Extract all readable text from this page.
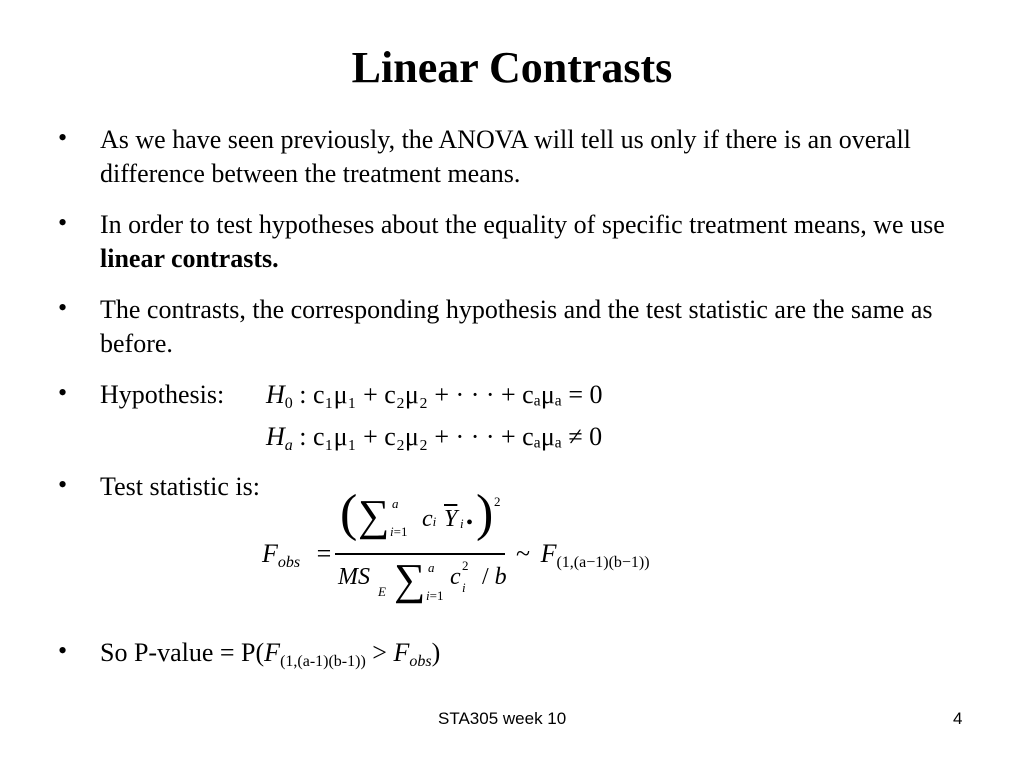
Linear Contrasts
• As we have seen previously, the ANOVA will tell us only if there is an overall difference between the treatment means.
• In order to test hypotheses about the equality of specific treatment means, we use linear contrasts.
• The contrasts, the corresponding hypothesis and the test statistic are the same as before.
• Hypothesis:	$H_0$ : c₁μ₁ + c₂μ₂ + · · · + cₐμₐ = 0
$H_a$ : c₁μ₁ + c₂μ₂ + · · · + cₐμₐ ≠ 0
• Test statistic is:
$F_{obs}$ =
( ∑ a
i=1 ci $\overline{Y}$ i • ) 2
MS
E ∑ a
i=1
c 2
i / b
~ $F_{(1,(a-1)(b-1))}$
• So P-value = $P(F_{(1,(a-1)(b-1))} > F_{obs})$
STA305 week 10	4
